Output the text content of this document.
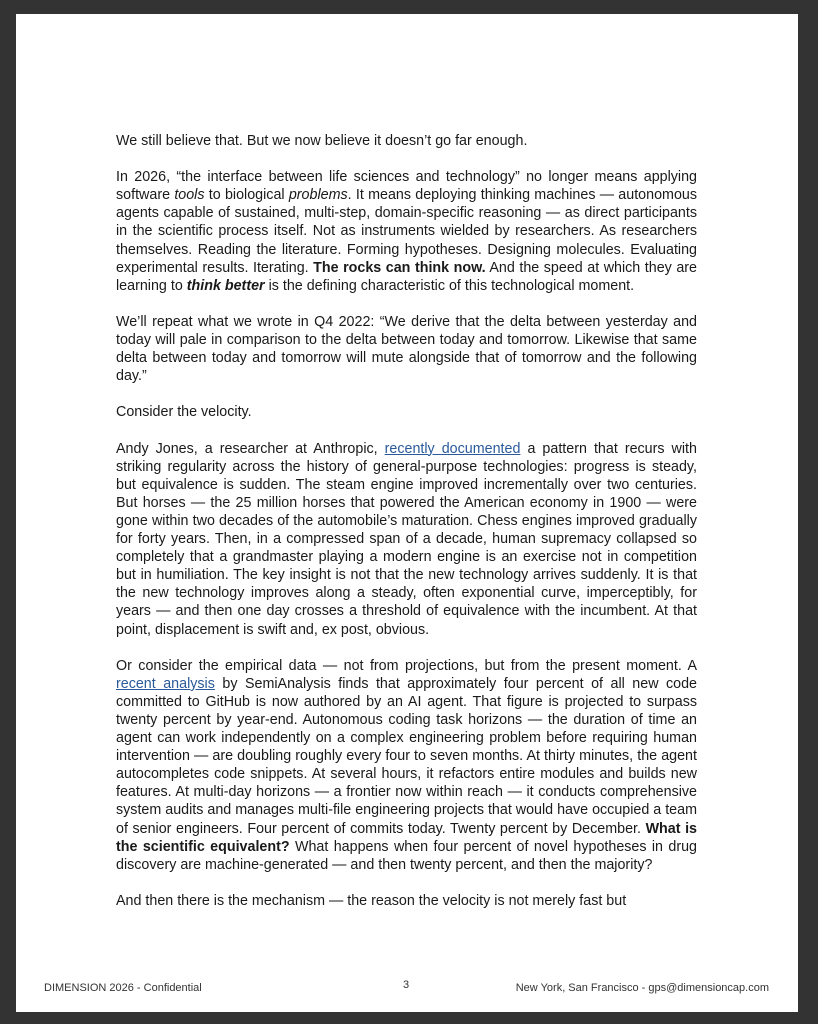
We still believe that. But we now believe it doesn’t go far enough.

In 2026, “the interface between life sciences and technology” no longer means applying software tools to biological problems. It means deploying thinking machines — autonomous agents capable of sustained, multi-step, domain-specific reasoning — as direct participants in the scientific process itself. Not as instruments wielded by researchers. As researchers themselves. Reading the literature. Forming hypotheses. Designing molecules. Evaluating experimental results. Iterating. The rocks can think now. And the speed at which they are learning to think better is the defining characteristic of this technological moment.

We’ll repeat what we wrote in Q4 2022: “We derive that the delta between yesterday and today will pale in comparison to the delta between today and tomorrow. Likewise that same delta between today and tomorrow will mute alongside that of tomorrow and the following day.”

Consider the velocity.

Andy Jones, a researcher at Anthropic, recently documented a pattern that recurs with striking regularity across the history of general-purpose technologies: progress is steady, but equivalence is sudden. The steam engine improved incrementally over two centuries. But horses — the 25 million horses that powered the American economy in 1900 — were gone within two decades of the automobile’s maturation. Chess engines improved gradually for forty years. Then, in a compressed span of a decade, human supremacy collapsed so completely that a grandmaster playing a modern engine is an exercise not in competition but in humiliation. The key insight is not that the new technology arrives suddenly. It is that the new technology improves along a steady, often exponential curve, imperceptibly, for years — and then one day crosses a threshold of equivalence with the incumbent. At that point, displacement is swift and, ex post, obvious.

Or consider the empirical data — not from projections, but from the present moment. A recent analysis by SemiAnalysis finds that approximately four percent of all new code committed to GitHub is now authored by an AI agent. That figure is projected to surpass twenty percent by year-end. Autonomous coding task horizons — the duration of time an agent can work independently on a complex engineering problem before requiring human intervention — are doubling roughly every four to seven months. At thirty minutes, the agent autocompletes code snippets. At several hours, it refactors entire modules and builds new features. At multi-day horizons — a frontier now within reach — it conducts comprehensive system audits and manages multi-file engineering projects that would have occupied a team of senior engineers. Four percent of commits today. Twenty percent by December. What is the scientific equivalent? What happens when four percent of novel hypotheses in drug discovery are machine-generated — and then twenty percent, and then the majority?

And then there is the mechanism — the reason the velocity is not merely fast but

DIMENSION 2026 - Confidential	3	New York, San Francisco - gps@dimensioncap.com
